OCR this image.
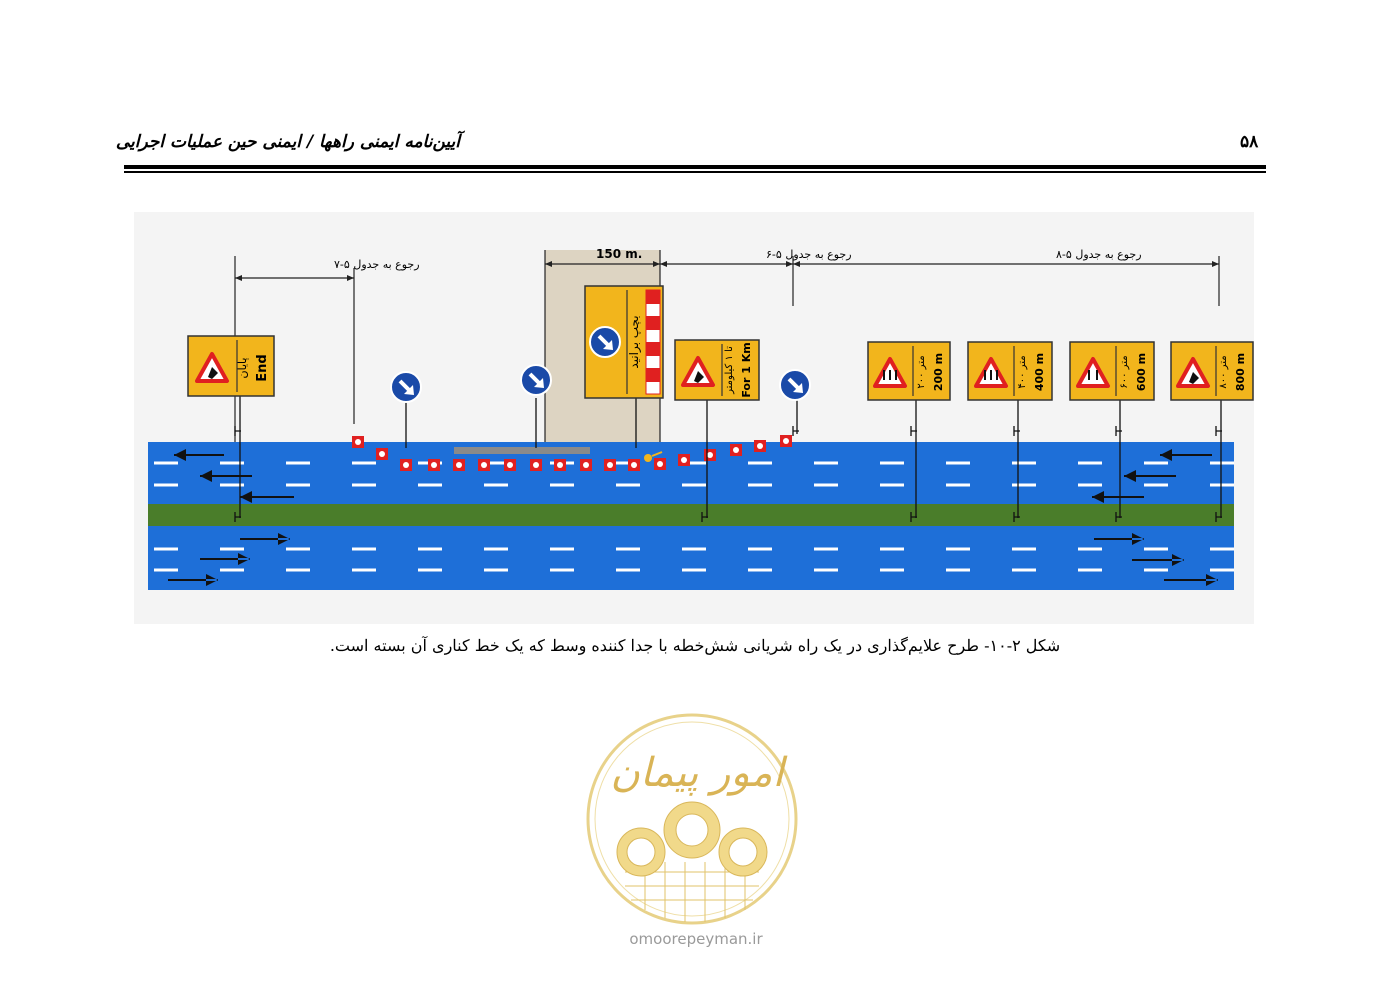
آیین‌نامه ایمنی راهها / ایمنی حین عملیات اجرایی	۵۸
رجوع به جدول ۵-۷
150 m.	رجوع به جدول ۵-۶	رجوع به جدول ۵-۸
پایان End	بچپ برانید
تا ۱ کیلومتر For 1 Km	۲۰۰ متر 200 m	۴۰۰ متر 400 m	۶۰۰ متر 600 m	۸۰۰ متر 800 m
شکل ۲-۱۰- طرح علایم‌گذاری در یک راه شریانی شش‌خطه با جدا کننده وسط که یک خط کناری آن بسته است.
امور پیمان
omoorepeyman.ir
